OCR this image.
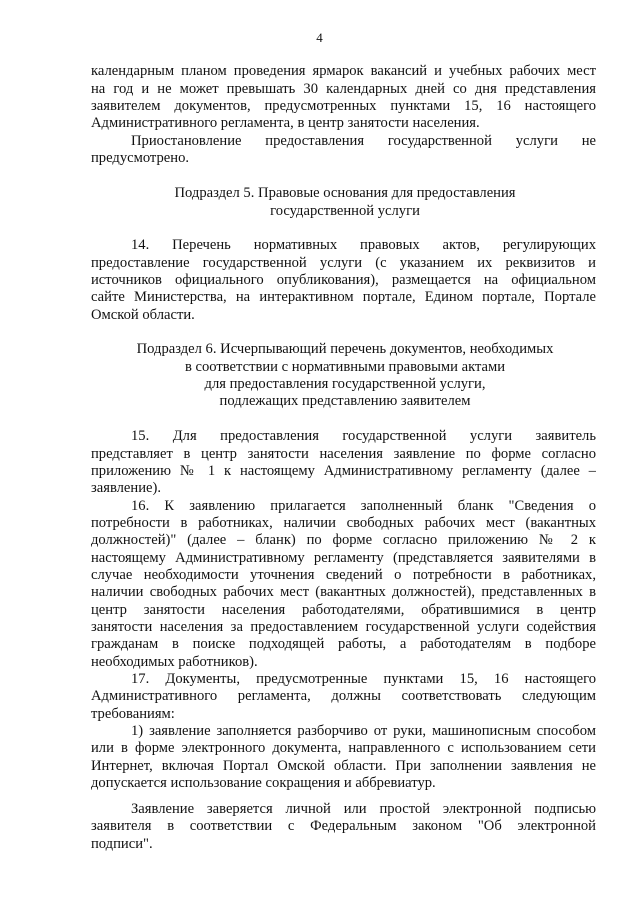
4
календарным планом проведения ярмарок вакансий и учебных рабочих мест
на год и не может превышать 30 календарных дней со дня представления
заявителем документов, предусмотренных пунктами 15, 16 настоящего
Административного регламента, в центр занятости населения.
Приостановление предоставления государственной услуги не
предусмотрено.
Подраздел 5. Правовые основания для предоставления
государственной услуги
14. Перечень нормативных правовых актов, регулирующих
предоставление государственной услуги (с указанием их реквизитов и
источников официального опубликования), размещается на официальном
сайте Министерства, на интерактивном портале, Едином портале, Портале
Омской области.
Подраздел 6. Исчерпывающий перечень документов, необходимых
в соответствии с нормативными правовыми актами
для предоставления государственной услуги,
подлежащих представлению заявителем
15. Для предоставления государственной услуги заявитель
представляет в центр занятости населения заявление по форме согласно
приложению № 1 к настоящему Административному регламенту (далее –
заявление).
16. К заявлению прилагается заполненный бланк "Сведения о
потребности в работниках, наличии свободных рабочих мест (вакантных
должностей)" (далее – бланк) по форме согласно приложению № 2 к
настоящему Административному регламенту (представляется заявителями в
случае необходимости уточнения сведений о потребности в работниках,
наличии свободных рабочих мест (вакантных должностей), представленных в
центр занятости населения работодателями, обратившимися в центр
занятости населения за предоставлением государственной услуги содействия
гражданам в поиске подходящей работы, а работодателям в подборе
необходимых работников).
17. Документы, предусмотренные пунктами 15, 16 настоящего
Административного регламента, должны соответствовать следующим
требованиям:
1) заявление заполняется разборчиво от руки, машинописным способом
или в форме электронного документа, направленного с использованием сети
Интернет, включая Портал Омской области. При заполнении заявления не
допускается использование сокращения и аббревиатур.
Заявление заверяется личной или простой электронной подписью
заявителя в соответствии с Федеральным законом "Об электронной
подписи".
